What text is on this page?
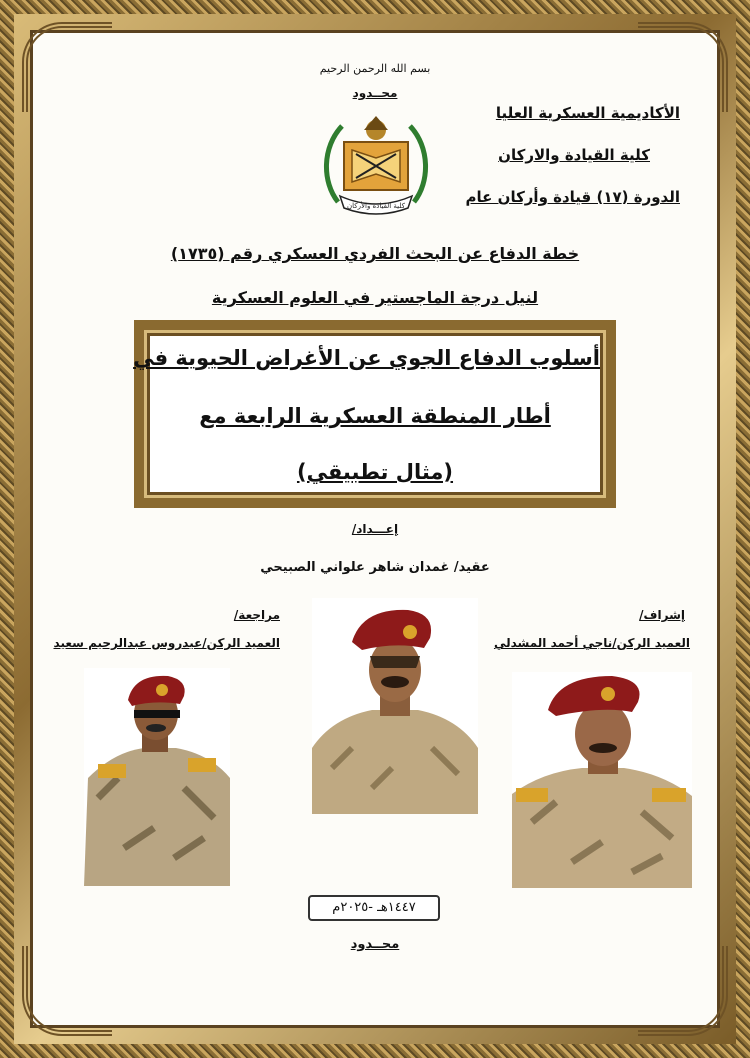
بسم الله الرحمن الرحيم
محــدود
الأكاديمية العسكرية العليا
كلية القيادة والاركان
الدورة (١٧) قيادة وأركان عام
كلية القيادة والأركان
خطة الدفاع عن البحث الفردي العسكري رقم (١٧٣٥)
لنيل درجة الماجستير في العلوم العسكرية
أسلوب الدفاع الجوي عن الأغراض الحيوية في
أطار المنطقة العسكرية الرابعة مع
(مثال تطبيقي)
إعـــداد/
عقيد/ غمدان شاهر علواني الصبيحي
مراجعة/
العميد الركن/عيدروس عبدالرحيم سعيد
إشراف/
العميد الركن/ناجي أحمد المشدلي
١٤٤٧هـ -٢٠٢٥م
محــدود
